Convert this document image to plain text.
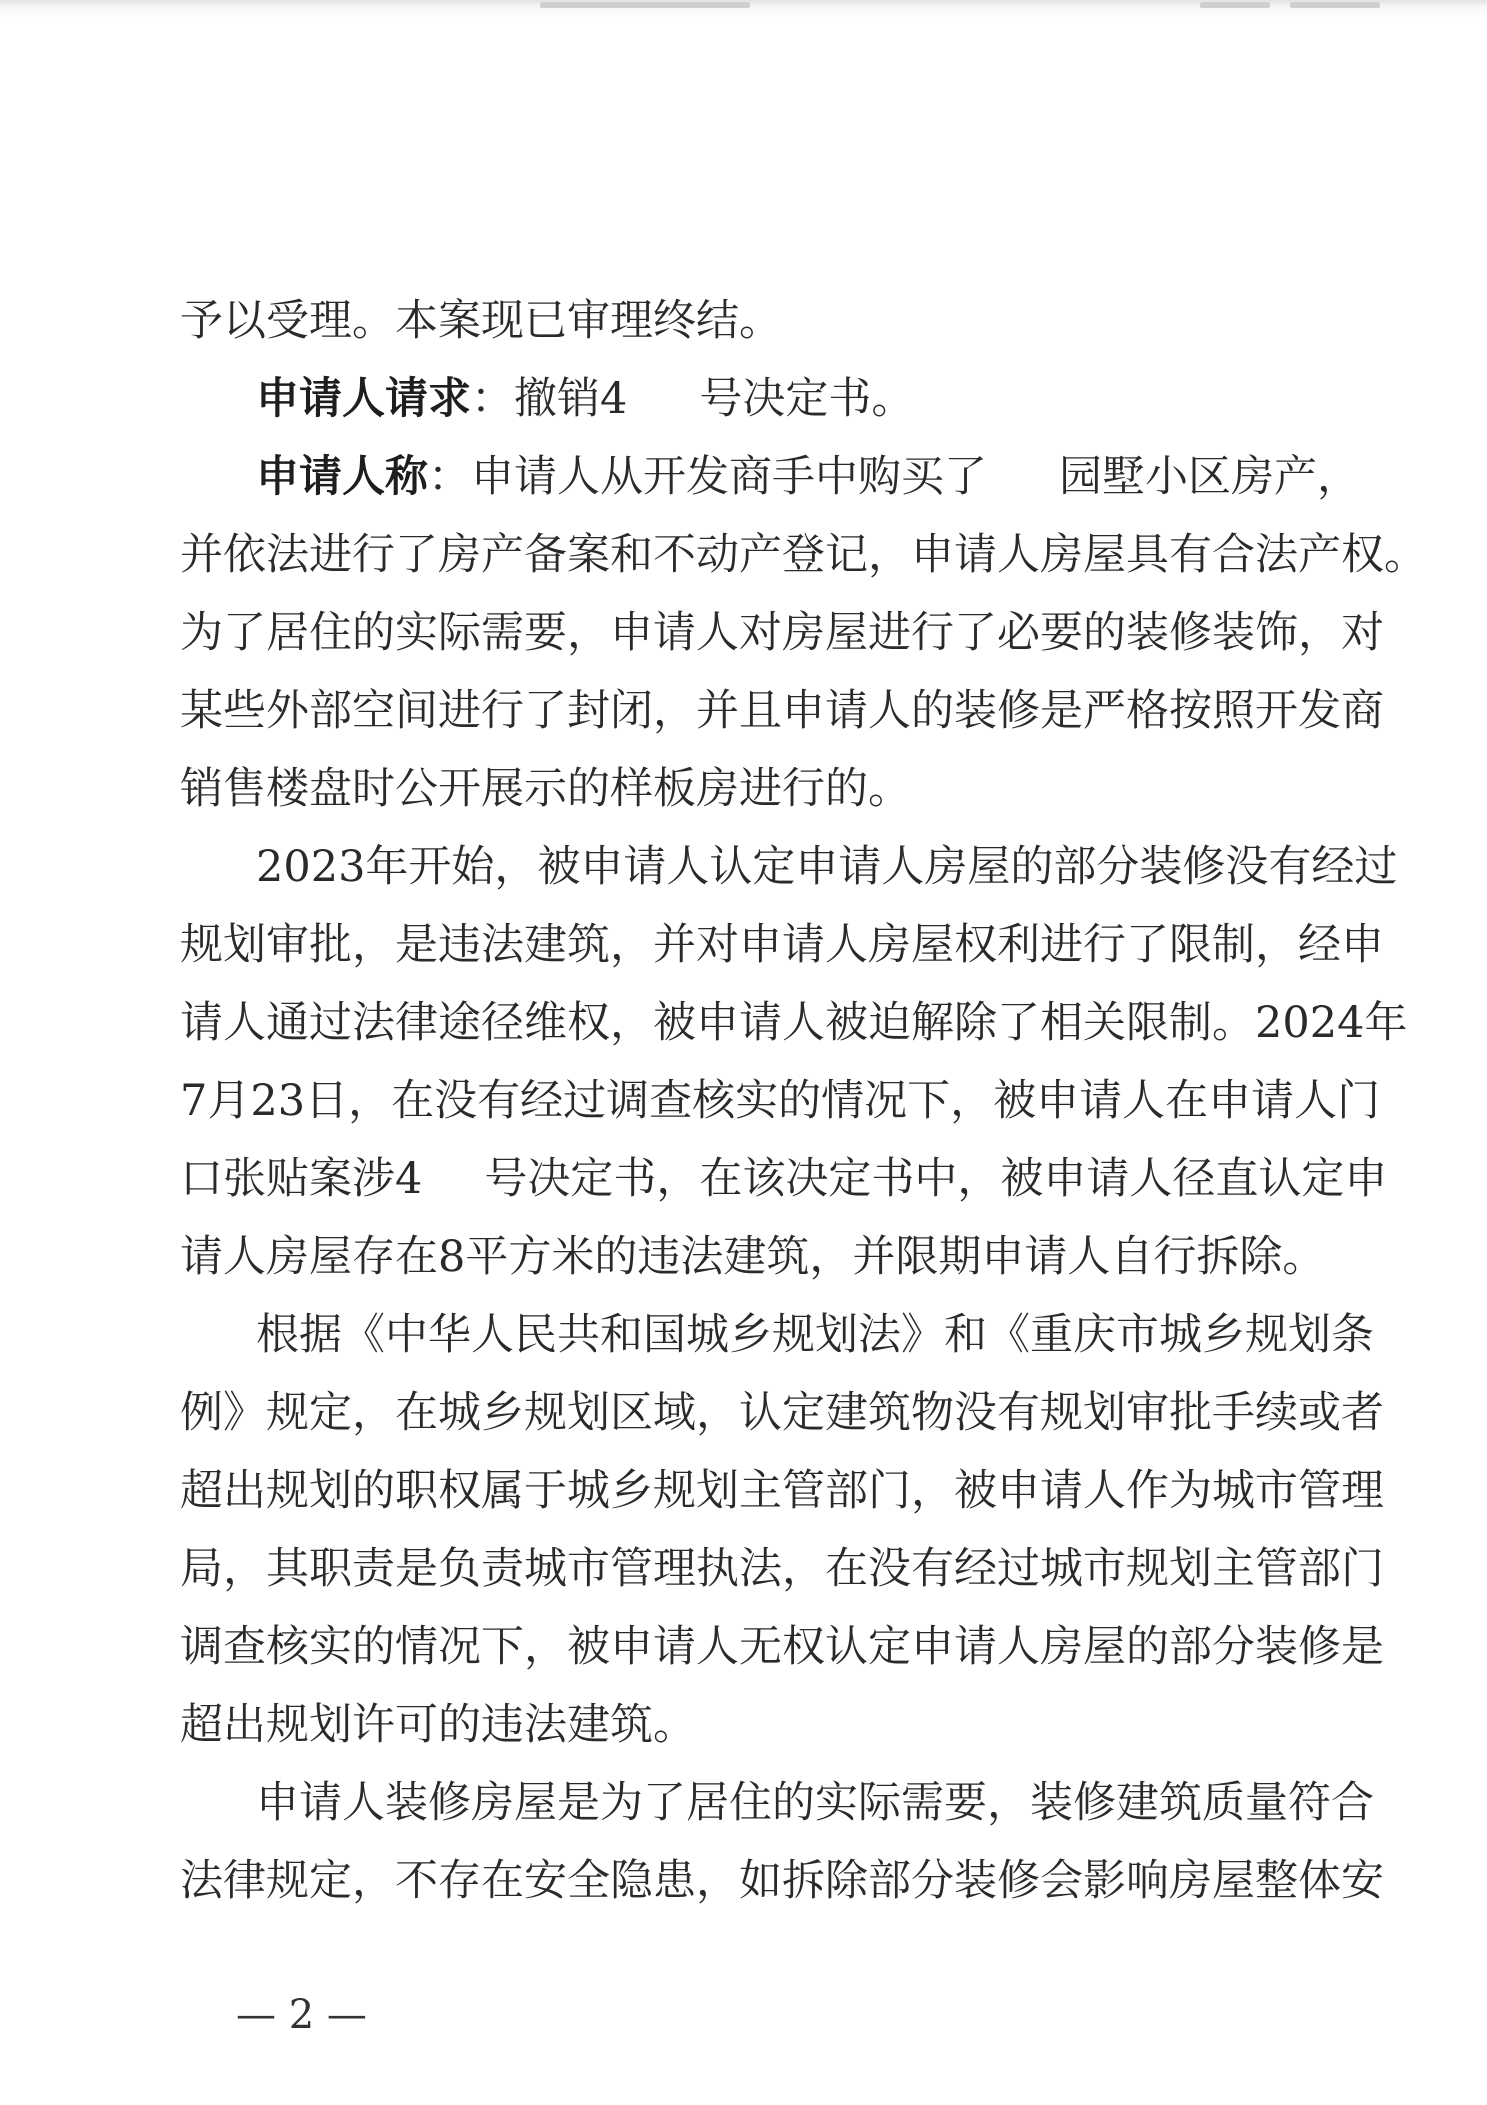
予以受理。本案现已审理终结。
申请人请求：撤销4 号决定书。
申请人称：申请人从开发商手中购买了 园墅小区房产，
并依法进行了房产备案和不动产登记，申请人房屋具有合法产权。
为了居住的实际需要，申请人对房屋进行了必要的装修装饰，对
某些外部空间进行了封闭，并且申请人的装修是严格按照开发商
销售楼盘时公开展示的样板房进行的。
2023年开始，被申请人认定申请人房屋的部分装修没有经过
规划审批，是违法建筑，并对申请人房屋权利进行了限制，经申
请人通过法律途径维权，被申请人被迫解除了相关限制。2024年
7月23日，在没有经过调查核实的情况下，被申请人在申请人门
口张贴案涉4 号决定书，在该决定书中，被申请人径直认定申
请人房屋存在8平方米的违法建筑，并限期申请人自行拆除。
根据《中华人民共和国城乡规划法》和《重庆市城乡规划条
例》规定，在城乡规划区域，认定建筑物没有规划审批手续或者
超出规划的职权属于城乡规划主管部门，被申请人作为城市管理
局，其职责是负责城市管理执法，在没有经过城市规划主管部门
调查核实的情况下，被申请人无权认定申请人房屋的部分装修是
超出规划许可的违法建筑。
申请人装修房屋是为了居住的实际需要，装修建筑质量符合
法律规定，不存在安全隐患，如拆除部分装修会影响房屋整体安
— 2 —
